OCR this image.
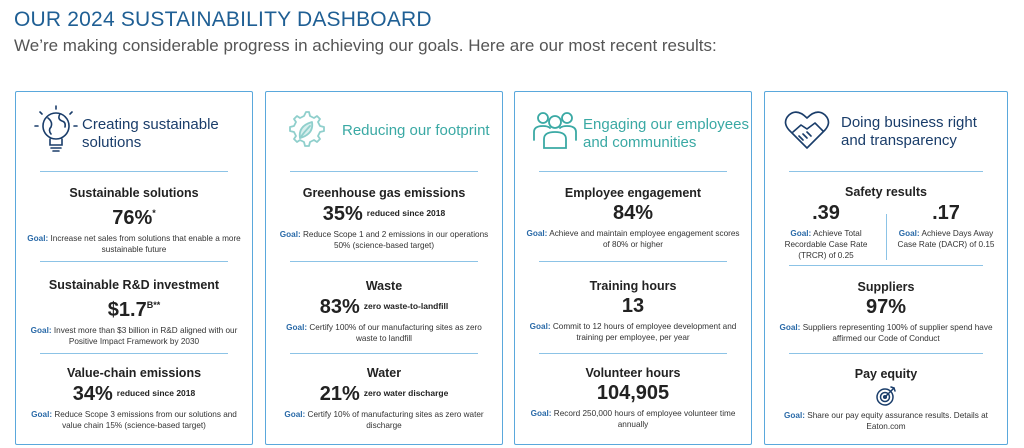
OUR 2024 SUSTAINABILITY DASHBOARD
We’re making considerable progress in achieving our goals. Here are our most recent results:
Creating sustainable
solutions
Sustainable solutions
76%*
Goal: Increase net sales from solutions that enable a more sustainable future
Sustainable R&D investment
$\$1.7^{B**}$
Goal: Invest more than $3 billion in R&D aligned with our Positive Impact Framework by 2030
Value-chain emissions
34% $^{reduced since 2018}$
Goal: Reduce Scope 3 emissions from our solutions and value chain 15% (science-based target)
Reducing our footprint
Greenhouse gas emissions
35% $^{reduced since 2018}$
Goal: Reduce Scope 1 and 2 emissions in our operations 50% (science-based target)
Waste
83% $^{zero waste-to-landfill}$
Goal: Certify 100% of our manufacturing sites as zero waste to landfill
Water
21% $^{zero water discharge}$
Goal: Certify 10% of manufacturing sites as zero water discharge
Engaging our employees
and communities
Employee engagement
84%
Goal: Achieve and maintain employee engagement scores of 80% or higher
Training hours
13
Goal: Commit to 12 hours of employee development and training per employee, per year
Volunteer hours
104,905
Goal: Record 250,000 hours of employee volunteer time annually
Doing business right
and transparency
Safety results
.39
Goal: Achieve Total Recordable Case Rate (TRCR) of 0.25
.17
Goal: Achieve Days Away Case Rate (DACR) of 0.15
Suppliers
97%
Goal: Suppliers representing 100% of supplier spend have affirmed our Code of Conduct
Pay equity
Goal: Share our pay equity assurance results. Details at Eaton.com
